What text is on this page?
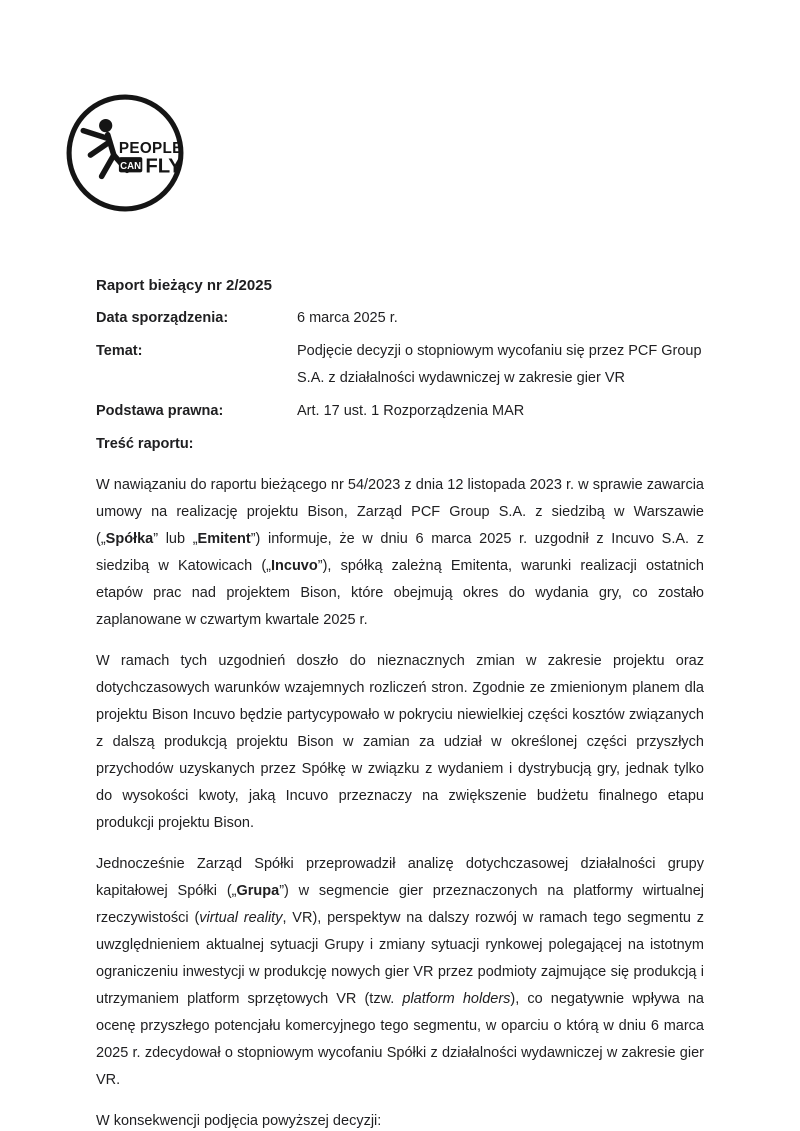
PEOPLE
CAN FLY
Raport bieżący nr 2/2025
Data sporządzenia:	6 marca 2025 r.
Temat:	Podjęcie decyzji o stopniowym wycofaniu się przez PCF Group S.A. z działalności wydawniczej w zakresie gier VR
Podstawa prawna:	Art. 17 ust. 1 Rozporządzenia MAR
Treść raportu:

W nawiązaniu do raportu bieżącego nr 54/2023 z dnia 12 listopada 2023 r. w sprawie zawarcia umowy na realizację projektu Bison, Zarząd PCF Group S.A. z siedzibą w Warszawie („Spółka” lub „Emitent”) informuje, że w dniu 6 marca 2025 r. uzgodnił z Incuvo S.A. z siedzibą w Katowicach („Incuvo”), spółką zależną Emitenta, warunki realizacji ostatnich etapów prac nad projektem Bison, które obejmują okres do wydania gry, co zostało zaplanowane w czwartym kwartale 2025 r.

W ramach tych uzgodnień doszło do nieznacznych zmian w zakresie projektu oraz dotychczasowych warunków wzajemnych rozliczeń stron. Zgodnie ze zmienionym planem dla projektu Bison Incuvo będzie partycypowało w pokryciu niewielkiej części kosztów związanych z dalszą produkcją projektu Bison w zamian za udział w określonej części przyszłych przychodów uzyskanych przez Spółkę w związku z wydaniem i dystrybucją gry, jednak tylko do wysokości kwoty, jaką Incuvo przeznaczy na zwiększenie budżetu finalnego etapu produkcji projektu Bison.

Jednocześnie Zarząd Spółki przeprowadził analizę dotychczasowej działalności grupy kapitałowej Spółki („Grupa”) w segmencie gier przeznaczonych na platformy wirtualnej rzeczywistości (virtual reality, VR), perspektyw na dalszy rozwój w ramach tego segmentu z uwzględnieniem aktualnej sytuacji Grupy i zmiany sytuacji rynkowej polegającej na istotnym ograniczeniu inwestycji w produkcję nowych gier VR przez podmioty zajmujące się produkcją i utrzymaniem platform sprzętowych VR (tzw. platform holders), co negatywnie wpływa na ocenę przyszłego potencjału komercyjnego tego segmentu, w oparciu o którą w dniu 6 marca 2025 r. zdecydował o stopniowym wycofaniu Spółki z działalności wydawniczej w zakresie gier VR.

W konsekwencji podjęcia powyższej decyzji:
